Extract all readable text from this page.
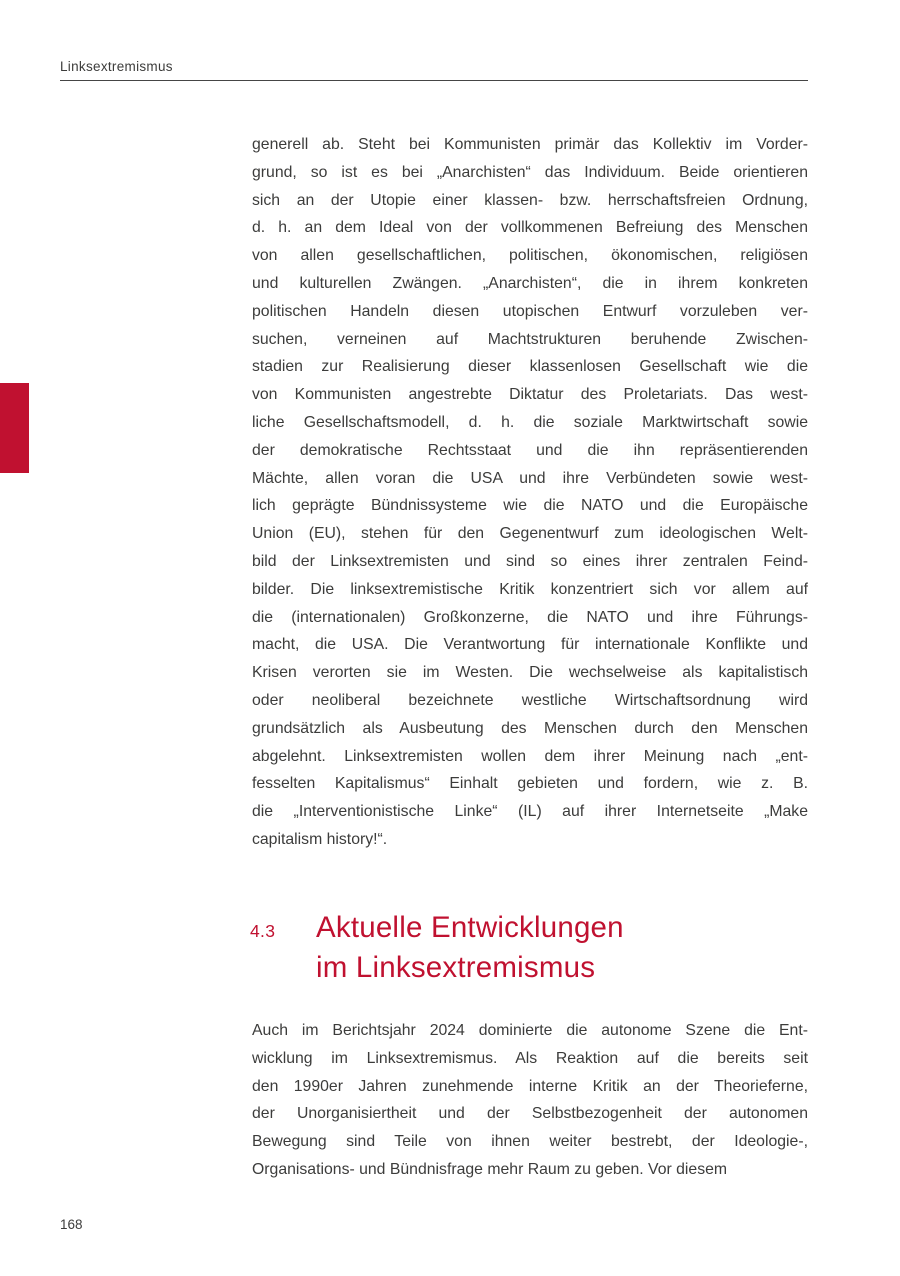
Linksextremismus
generell ab. Steht bei Kommunisten primär das Kollektiv im Vorder-
grund, so ist es bei „Anarchisten“ das Individuum. Beide orientieren
sich an der Utopie einer klassen- bzw. herrschaftsfreien Ordnung,
d. h. an dem Ideal von der vollkommenen Befreiung des Menschen
von allen gesellschaftlichen, politischen, ökonomischen, religiösen
und kulturellen Zwängen. „Anarchisten“, die in ihrem konkreten
politischen Handeln diesen utopischen Entwurf vorzuleben ver-
suchen, verneinen auf Machtstrukturen beruhende Zwischen-
stadien zur Realisierung dieser klassenlosen Gesellschaft wie die
von Kommunisten angestrebte Diktatur des Proletariats. Das west-
liche Gesellschaftsmodell, d. h. die soziale Marktwirtschaft sowie
der demokratische Rechtsstaat und die ihn repräsentierenden
Mächte, allen voran die USA und ihre Verbündeten sowie west-
lich geprägte Bündnissysteme wie die NATO und die Europäische
Union (EU), stehen für den Gegenentwurf zum ideologischen Welt-
bild der Linksextremisten und sind so eines ihrer zentralen Feind-
bilder. Die linksextremistische Kritik konzentriert sich vor allem auf
die (internationalen) Großkonzerne, die NATO und ihre Führungs-
macht, die USA. Die Verantwortung für internationale Konflikte und
Krisen verorten sie im Westen. Die wechselweise als kapitalistisch
oder neoliberal bezeichnete westliche Wirtschaftsordnung wird
grundsätzlich als Ausbeutung des Menschen durch den Menschen
abgelehnt. Linksextremisten wollen dem ihrer Meinung nach „ent-
fesselten Kapitalismus“ Einhalt gebieten und fordern, wie z. B.
die „Interventionistische Linke“ (IL) auf ihrer Internetseite „Make
capitalism history!“.
4.3	Aktuelle Entwicklungen
im Linksextremismus
Auch im Berichtsjahr 2024 dominierte die autonome Szene die Ent-
wicklung im Linksextremismus. Als Reaktion auf die bereits seit
den 1990er Jahren zunehmende interne Kritik an der Theorieferne,
der Unorganisiertheit und der Selbstbezogenheit der autonomen
Bewegung sind Teile von ihnen weiter bestrebt, der Ideologie-,
Organisations- und Bündnisfrage mehr Raum zu geben. Vor diesem
168
